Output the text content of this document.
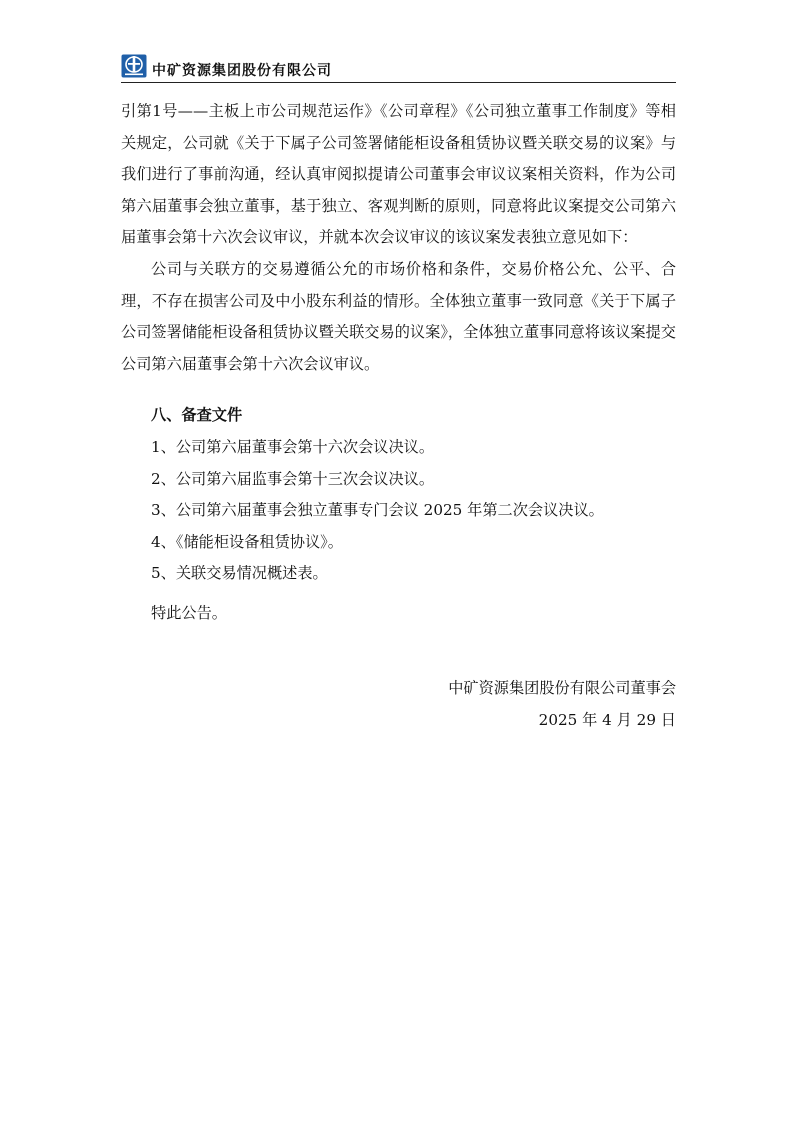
中矿资源集团股份有限公司

引第1号——主板上市公司规范运作》《公司章程》《公司独立董事工作制度》等相关规定，公司就《关于下属子公司签署储能柜设备租赁协议暨关联交易的议案》与我们进行了事前沟通，经认真审阅拟提请公司董事会审议议案相关资料，作为公司第六届董事会独立董事，基于独立、客观判断的原则，同意将此议案提交公司第六届董事会第十六次会议审议，并就本次会议审议的该议案发表独立意见如下：

公司与关联方的交易遵循公允的市场价格和条件，交易价格公允、公平、合理，不存在损害公司及中小股东利益的情形。全体独立董事一致同意《关于下属子公司签署储能柜设备租赁协议暨关联交易的议案》，全体独立董事同意将该议案提交公司第六届董事会第十六次会议审议。

八、备查文件

1、公司第六届董事会第十六次会议决议。

2、公司第六届监事会第十三次会议决议。

3、公司第六届董事会独立董事专门会议 2025 年第二次会议决议。

4、《储能柜设备租赁协议》。

5、关联交易情况概述表。

特此公告。

中矿资源集团股份有限公司董事会

2025 年 4 月 29 日
